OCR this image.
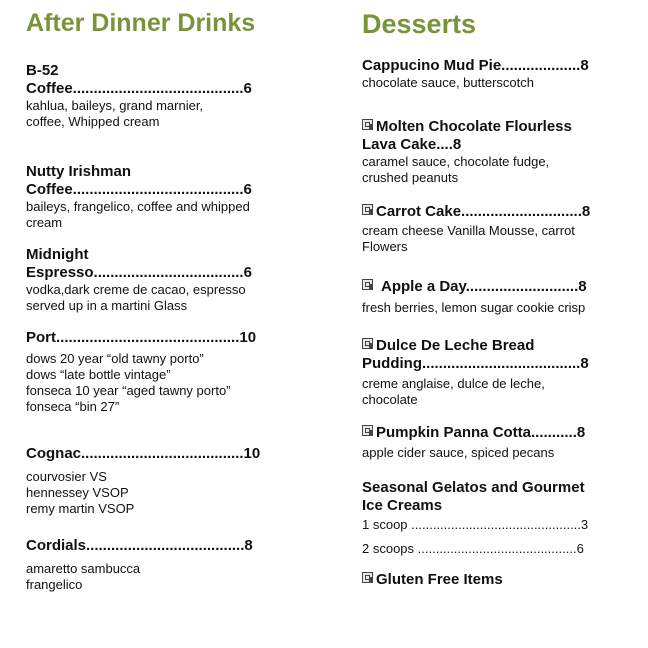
After Dinner Drinks
B-52
Coffee.........................................6
kahlua, baileys, grand marnier,
coffee, Whipped cream
Nutty Irishman
Coffee.........................................6
baileys, frangelico, coffee and whipped
cream
Midnight
Espresso....................................6
vodka,dark creme de cacao, espresso
served up in a martini Glass
Port............................................10
dows 20 year “old tawny porto”
dows “late bottle vintage”
fonseca 10 year “aged tawny porto”
fonseca “bin 27”
Cognac.......................................10
courvosier VS
hennessey VSOP
remy martin VSOP
Cordials......................................8
amaretto sambucca
frangelico
Desserts
Cappucino Mud Pie...................8
chocolate sauce, butterscotch
Molten Chocolate Flourless
Lava Cake....8
caramel sauce, chocolate fudge,
crushed peanuts
Carrot Cake.............................8
cream cheese Vanilla Mousse, carrot
Flowers
Apple a Day...........................8
fresh berries, lemon sugar cookie crisp
Dulce De Leche Bread
Pudding......................................8
creme anglaise, dulce de leche,
chocolate
Pumpkin Panna Cotta...........8
apple cider sauce, spiced pecans
Seasonal Gelatos and Gourmet
Ice Creams
1 scoop ...............................................3
2 scoops ............................................6
Gluten Free Items
